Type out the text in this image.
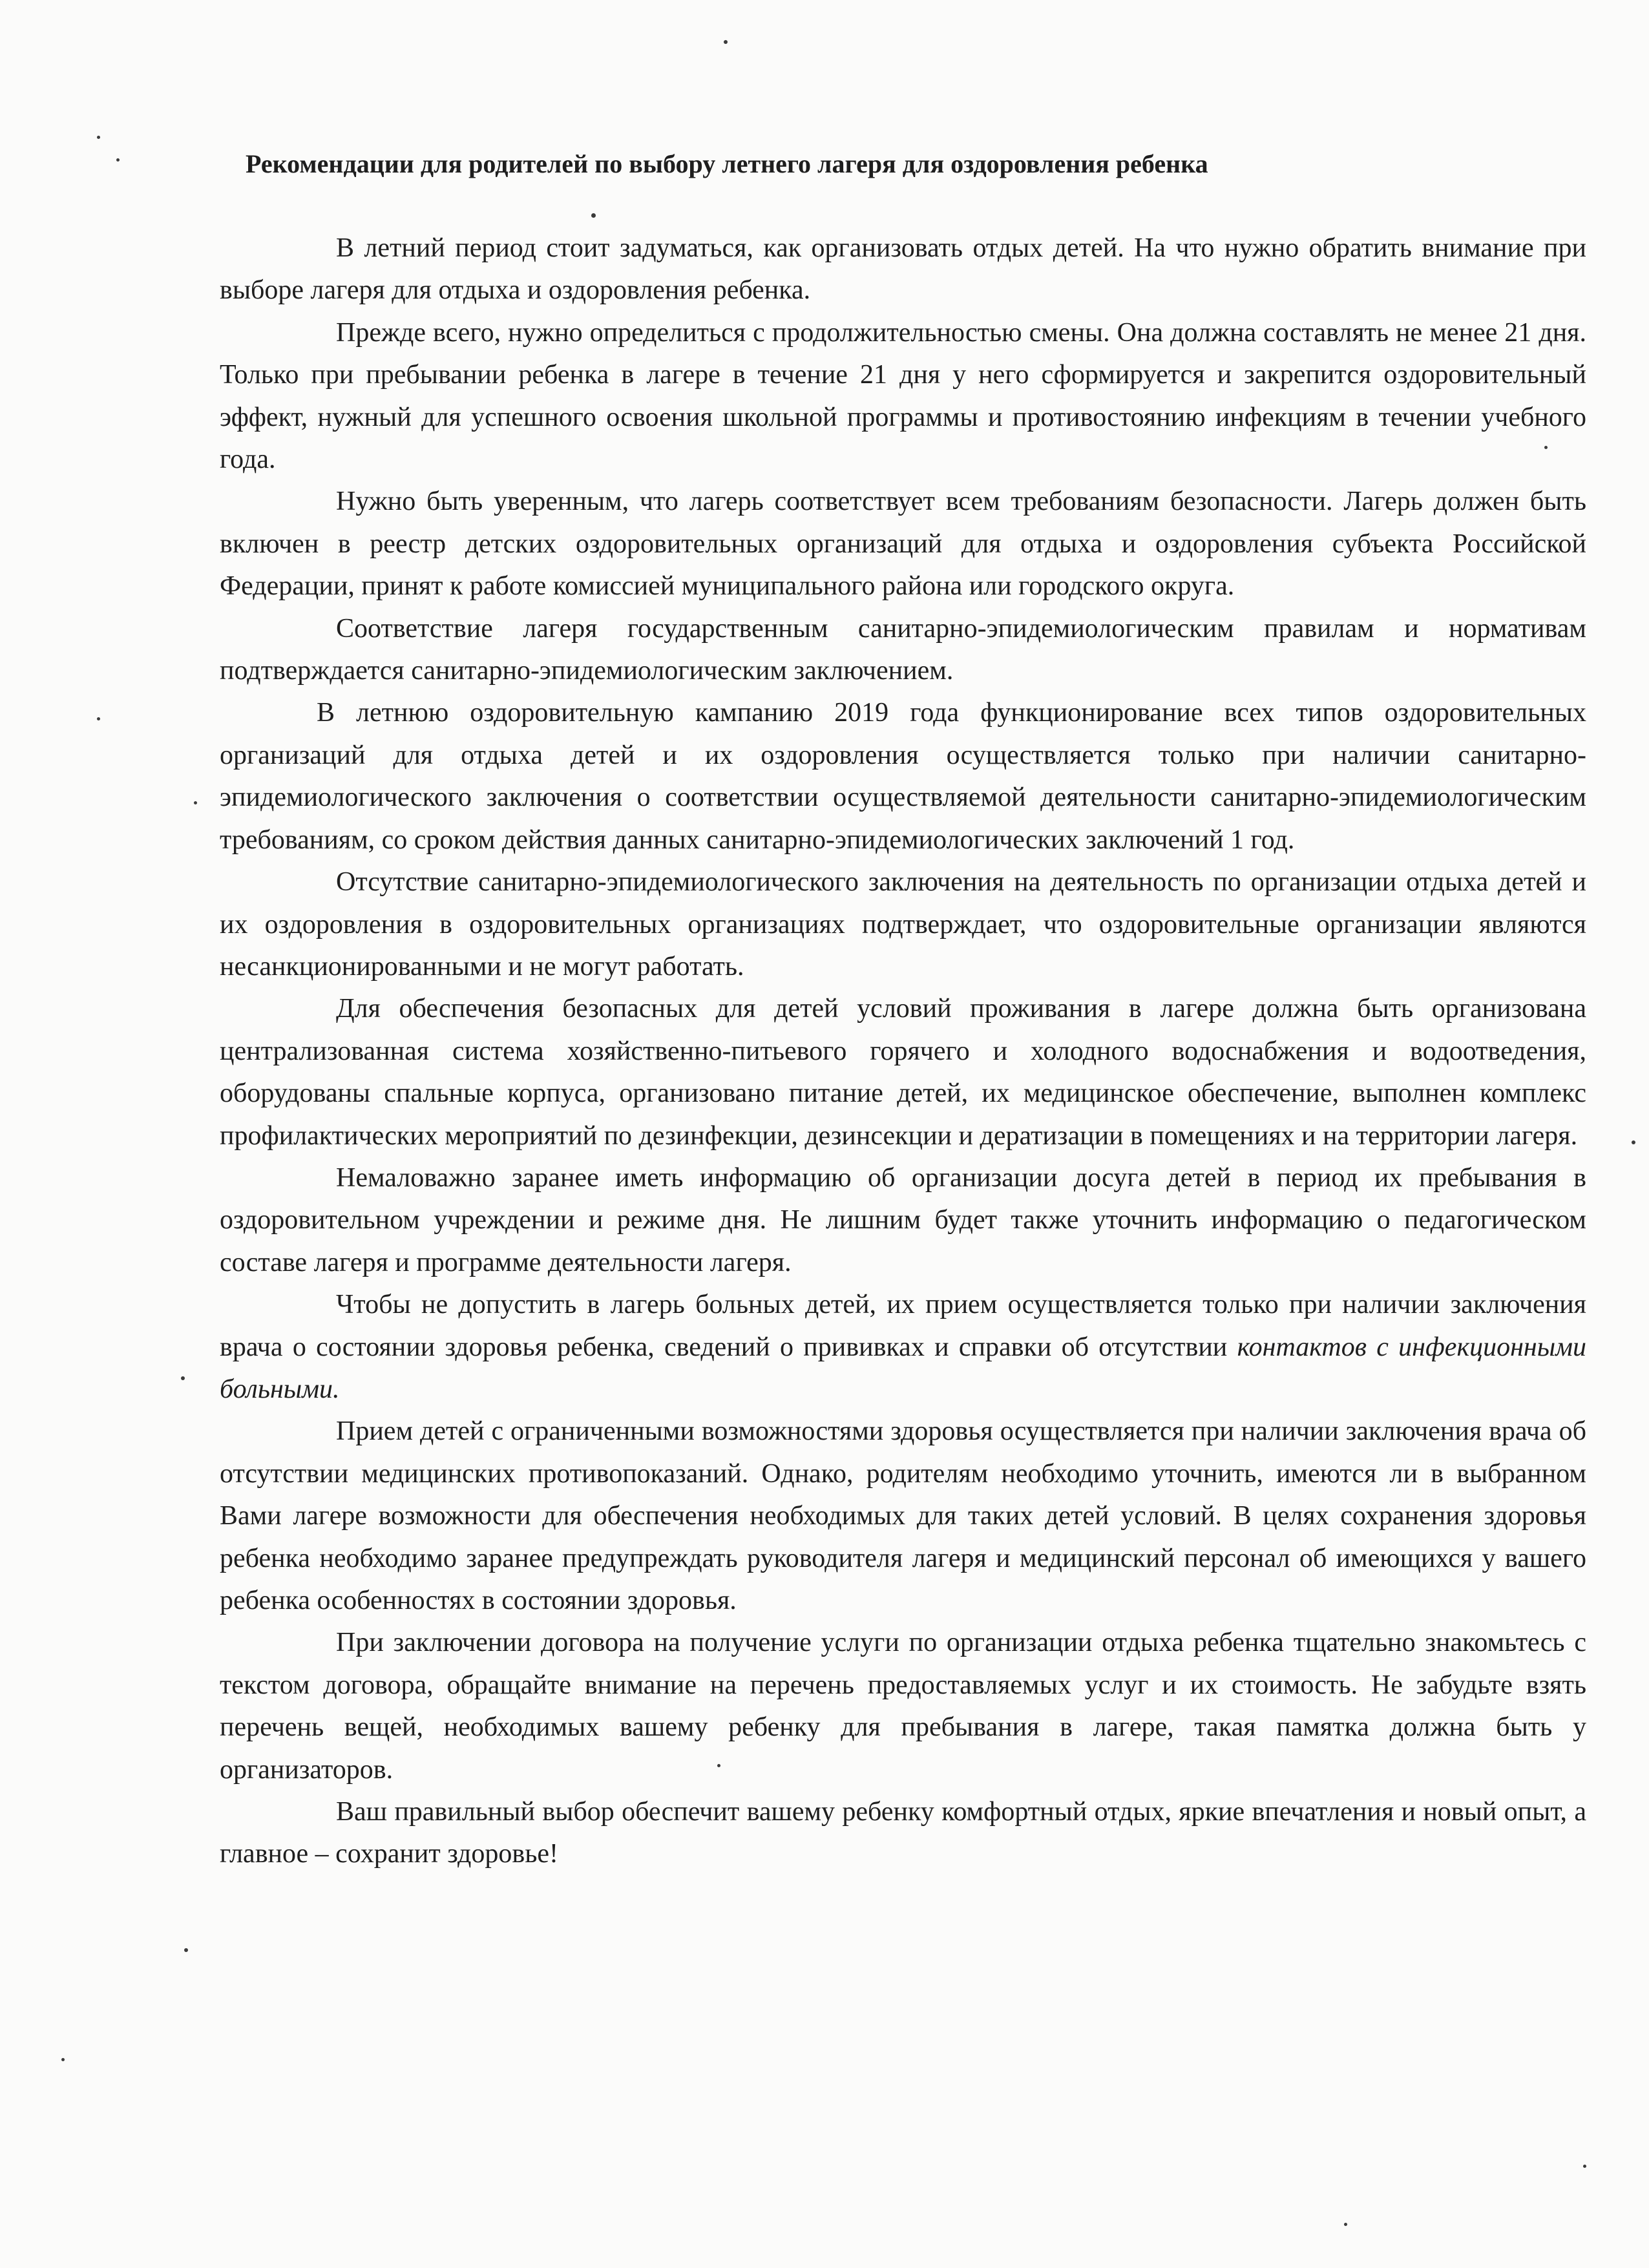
Рекомендации для родителей по выбору летнего лагеря для оздоровления ребенка

В летний период стоит задуматься, как организовать отдых детей. На что нужно обратить внимание при выборе лагеря для отдыха и оздоровления ребенка.

Прежде всего, нужно определиться с продолжительностью смены. Она должна составлять не менее 21 дня. Только при пребывании ребенка в лагере в течение 21 дня у него сформируется и закрепится оздоровительный эффект, нужный для успешного освоения школьной программы и противостоянию инфекциям в течении учебного года.

Нужно быть уверенным, что лагерь соответствует всем требованиям безопасности. Лагерь должен быть включен в реестр детских оздоровительных организаций для отдыха и оздоровления субъекта Российской Федерации, принят к работе комиссией муниципального района или городского округа.

Соответствие лагеря государственным санитарно-эпидемиологическим правилам и нормативам подтверждается санитарно-эпидемиологическим заключением.

В летнюю оздоровительную кампанию 2019 года функционирование всех типов оздоровительных организаций для отдыха детей и их оздоровления осуществляется только при наличии санитарно-эпидемиологического заключения о соответствии осуществляемой деятельности санитарно-эпидемиологическим требованиям, со сроком действия данных санитарно-эпидемиологических заключений 1 год.

Отсутствие санитарно-эпидемиологического заключения на деятельность по организации отдыха детей и их оздоровления в оздоровительных организациях подтверждает, что оздоровительные организации являются несанкционированными и не могут работать.

Для обеспечения безопасных для детей условий проживания в лагере должна быть организована централизованная система хозяйственно-питьевого горячего и холодного водоснабжения и водоотведения, оборудованы спальные корпуса, организовано питание детей, их медицинское обеспечение, выполнен комплекс профилактических мероприятий по дезинфекции, дезинсекции и дератизации в помещениях и на территории лагеря.

Немаловажно заранее иметь информацию об организации досуга детей в период их пребывания в оздоровительном учреждении и режиме дня. Не лишним будет также уточнить информацию о педагогическом составе лагеря и программе деятельности лагеря.

Чтобы не допустить в лагерь больных детей, их прием осуществляется только при наличии заключения врача о состоянии здоровья ребенка, сведений о прививках и справки об отсутствии контактов с инфекционными больными.

Прием детей с ограниченными возможностями здоровья осуществляется при наличии заключения врача об отсутствии медицинских противопоказаний. Однако, родителям необходимо уточнить, имеются ли в выбранном Вами лагере возможности для обеспечения необходимых для таких детей условий. В целях сохранения здоровья ребенка необходимо заранее предупреждать руководителя лагеря и медицинский персонал об имеющихся у вашего ребенка особенностях в состоянии здоровья.

При заключении договора на получение услуги по организации отдыха ребенка тщательно знакомьтесь с текстом договора, обращайте внимание на перечень предоставляемых услуг и их стоимость. Не забудьте взять перечень вещей, необходимых вашему ребенку для пребывания в лагере, такая памятка должна быть у организаторов.

Ваш правильный выбор обеспечит вашему ребенку комфортный отдых, яркие впечатления и новый опыт, а главное – сохранит здоровье!
